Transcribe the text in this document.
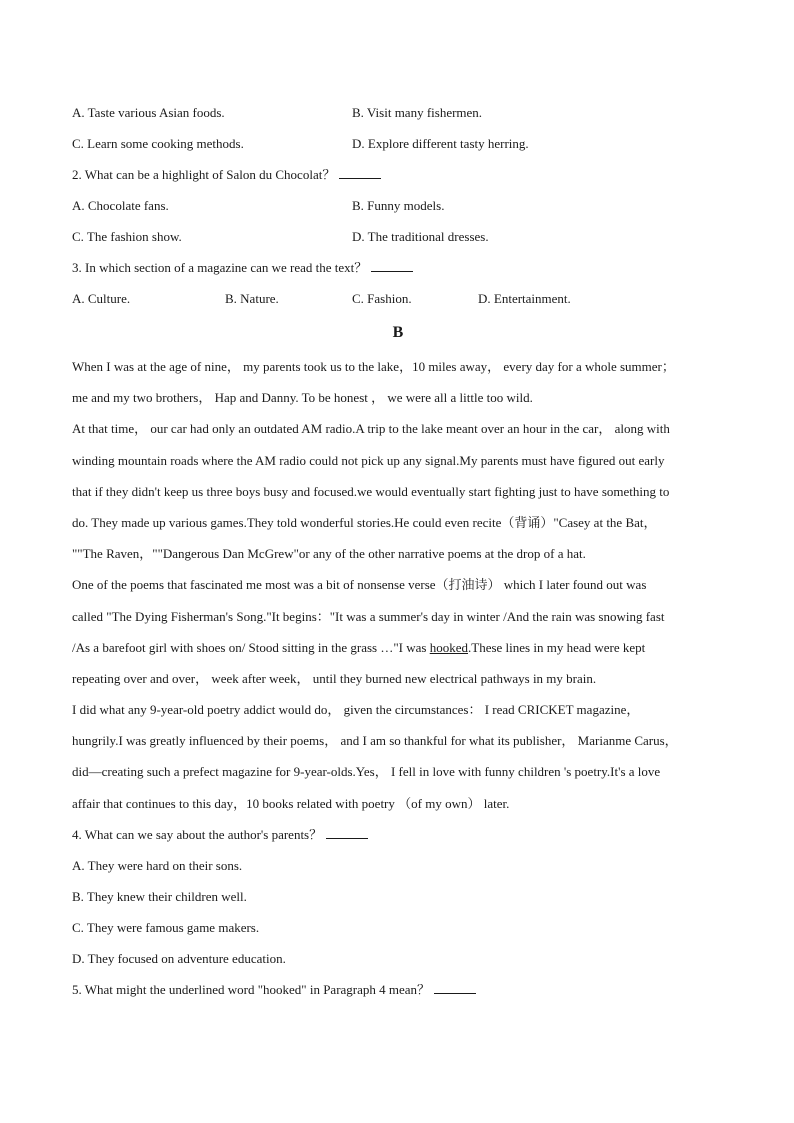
A. Taste various Asian foods.	B. Visit many fishermen.
C. Learn some cooking methods.	D. Explore different tasty herring.
2. What can be a highlight of Salon du Chocolat？
A. Chocolate fans.	B. Funny models.
C. The fashion show.	D. The traditional dresses.
3. In which section of a magazine can we read the text？
A. Culture.	B. Nature.	C. Fashion.	D. Entertainment.
B
When I was at the age of nine， my parents took us to the lake，10 miles away， every day for a whole summer；
me and my two brothers， Hap and Danny. To be honest ， we were all a little too wild.
At that time， our car had only an outdated AM radio.A trip to the lake meant over an hour in the car， along with
winding mountain roads where the AM radio could not pick up any signal.My parents must have figured out early
that if they didn't keep us three boys busy and focused.we would eventually start fighting just to have something to
do. They made up various games.They told wonderful stories.He could even recite（背诵）"Casey at the Bat，
""The Raven，""Dangerous Dan McGrew"or any of the other narrative poems at the drop of a hat.
One of the poems that fascinated me most was a bit of nonsense verse（打油诗） which I later found out was
called "The Dying Fisherman's Song."It begins："It was a summer's day in winter /And the rain was snowing fast
/As a barefoot girl with shoes on/ Stood sitting in the grass …"I was hooked.These lines in my head were kept
repeating over and over， week after week， until they burned new electrical pathways in my brain.
I did what any 9-year-old poetry addict would do， given the circumstances： I read CRICKET magazine，
hungrily.I was greatly influenced by their poems， and I am so thankful for what its publisher， Marianme Carus，
did—creating such a prefect magazine for 9-year-olds.Yes， I fell in love with funny children 's poetry.It's a love
affair that continues to this day，10 books related with poetry （of my own） later.
4. What can we say about the author's parents？
A. They were hard on their sons.
B. They knew their children well.
C. They were famous game makers.
D. They focused on adventure education.
5. What might the underlined word "hooked" in Paragraph 4 mean？
